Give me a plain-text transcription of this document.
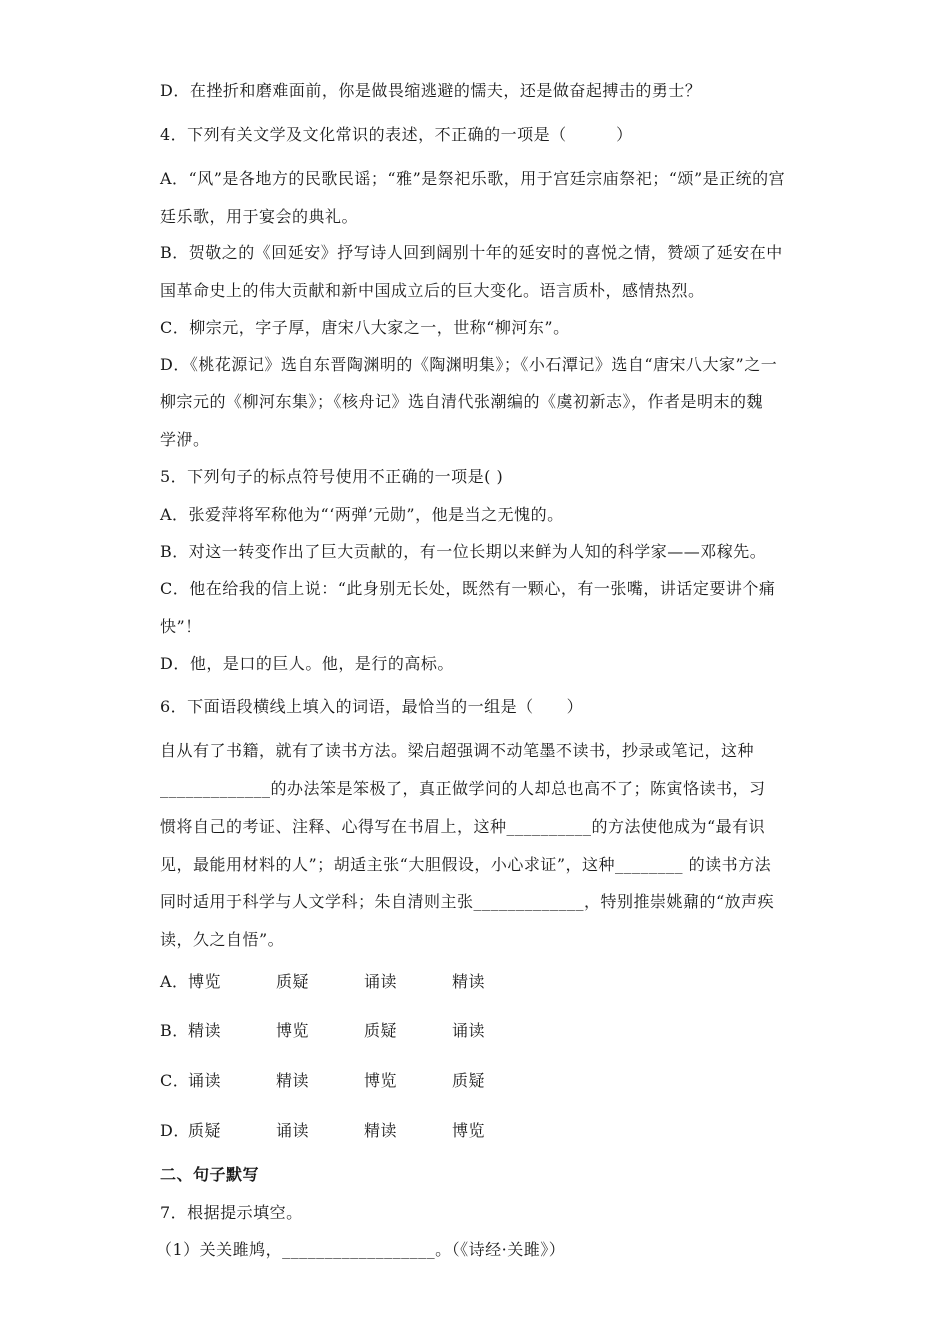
D．在挫折和磨难面前，你是做畏缩逃避的懦夫，还是做奋起搏击的勇士？
4．下列有关文学及文化常识的表述，不正确的一项是（　　　）
A．“风”是各地方的民歌民谣；“雅”是祭祀乐歌，用于宫廷宗庙祭祀；“颂”是正统的宫
廷乐歌，用于宴会的典礼。
B．贺敬之的《回延安》抒写诗人回到阔别十年的延安时的喜悦之情，赞颂了延安在中
国革命史上的伟大贡献和新中国成立后的巨大变化。语言质朴，感情热烈。
C．柳宗元，字子厚，唐宋八大家之一，世称“柳河东”。
D．《桃花源记》选自东晋陶渊明的《陶渊明集》；《小石潭记》选自“唐宋八大家”之一
柳宗元的《柳河东集》；《核舟记》选自清代张潮编的《虞初新志》，作者是明末的魏
学洢。
5．下列句子的标点符号使用不正确的一项是( )
A．张爱萍将军称他为“‘两弹’元勋”，他是当之无愧的。
B．对这一转变作出了巨大贡献的，有一位长期以来鲜为人知的科学家——邓稼先。
C．他在给我的信上说：“此身别无长处，既然有一颗心，有一张嘴，讲话定要讲个痛
快”！
D．他，是口的巨人。他，是行的高标。
6．下面语段横线上填入的词语，最恰当的一组是（　　）
自从有了书籍，就有了读书方法。梁启超强调不动笔墨不读书，抄录或笔记，这种
_____________的办法笨是笨极了，真正做学问的人却总也高不了；陈寅恪读书，习
惯将自己的考证、注释、心得写在书眉上，这种__________的方法使他成为“最有识
见，最能用材料的人”；胡适主张“大胆假设，小心求证”，这种________ 的读书方法
同时适用于科学与人文学科；朱自清则主张_____________，特别推崇姚鼐的“放声疾
读，久之自悟”。
A．博览	质疑	诵读	精读
B．精读	博览	质疑	诵读
C．诵读	精读	博览	质疑
D．质疑	诵读	精读	博览
二、句子默写
7．根据提示填空。
（1）关关雎鸠，__________________。（《诗经·关雎》）
